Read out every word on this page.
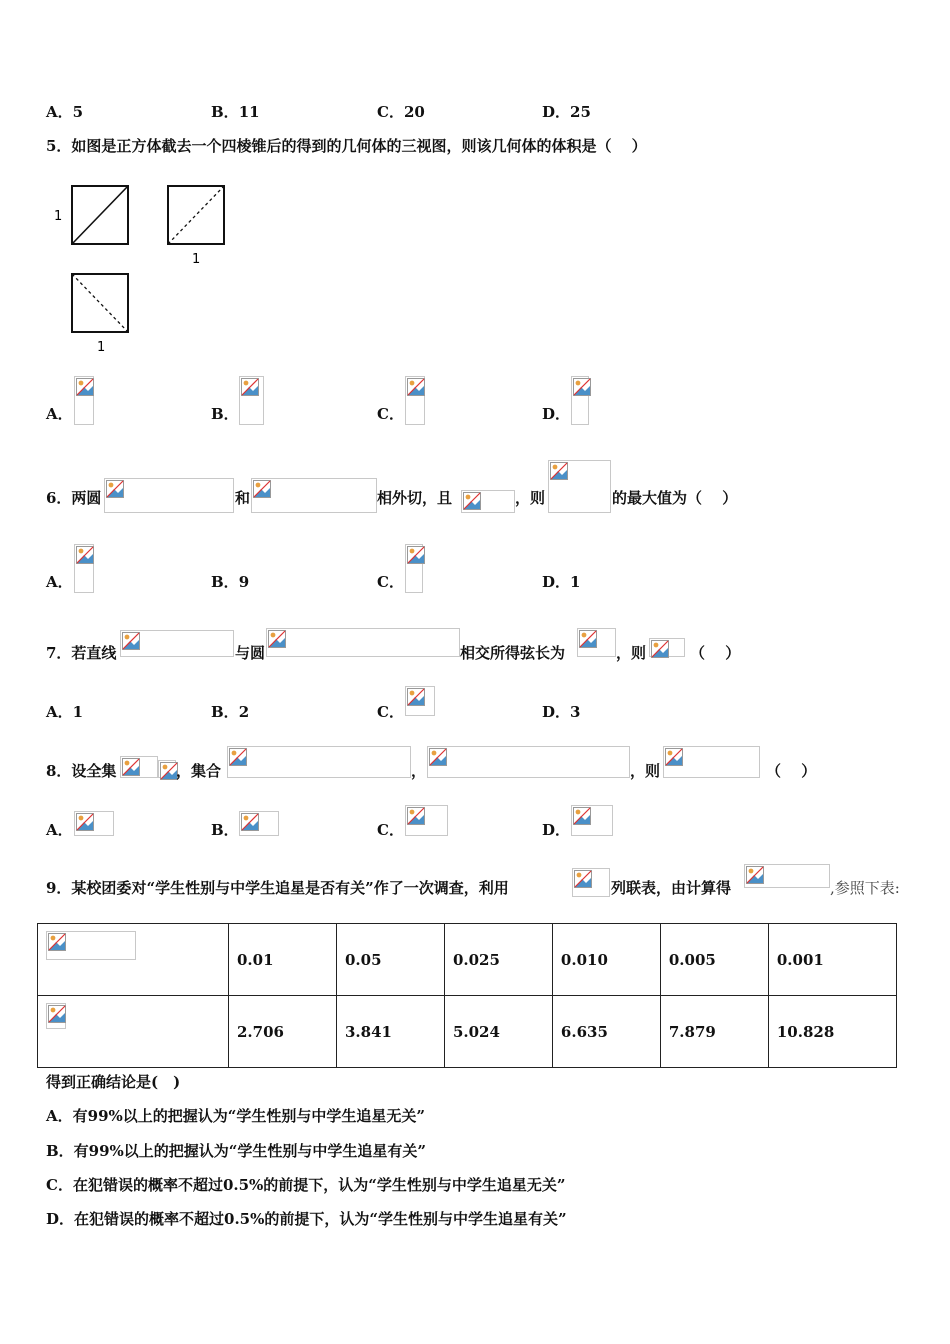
A．5	B．11	C．20	D．25
5．如图是正方体截去一个四棱锥后的得到的几何体的三视图，则该几何体的体积是（　 ）
1
1
1
A．	B．	C．	D．
6．两圆	和	相外切，且	，则	的最大值为（　 ）
A．	B．9	C．	D．1
7．若直线	与圆	相交所得弦长为	，则	（　 ）
A．1	B．2	C．	D．3
8．设全集	，集合	，	，则	（　 ）
A．	B．	C．	D．
9．某校团委对“学生性别与中学生追星是否有关”作了一次调查，利用	列联表，由计算得	,参照下表:
	0.01	0.05	0.025	0.010	0.005	0.001

	2.706	3.841	5.024	6.635	7.879	10.828
得到正确结论是(　)
A．有99%以上的把握认为“学生性别与中学生追星无关”
B．有99%以上的把握认为“学生性别与中学生追星有关”
C．在犯错误的概率不超过0.5%的前提下，认为“学生性别与中学生追星无关”
D．在犯错误的概率不超过0.5%的前提下，认为“学生性别与中学生追星有关”
